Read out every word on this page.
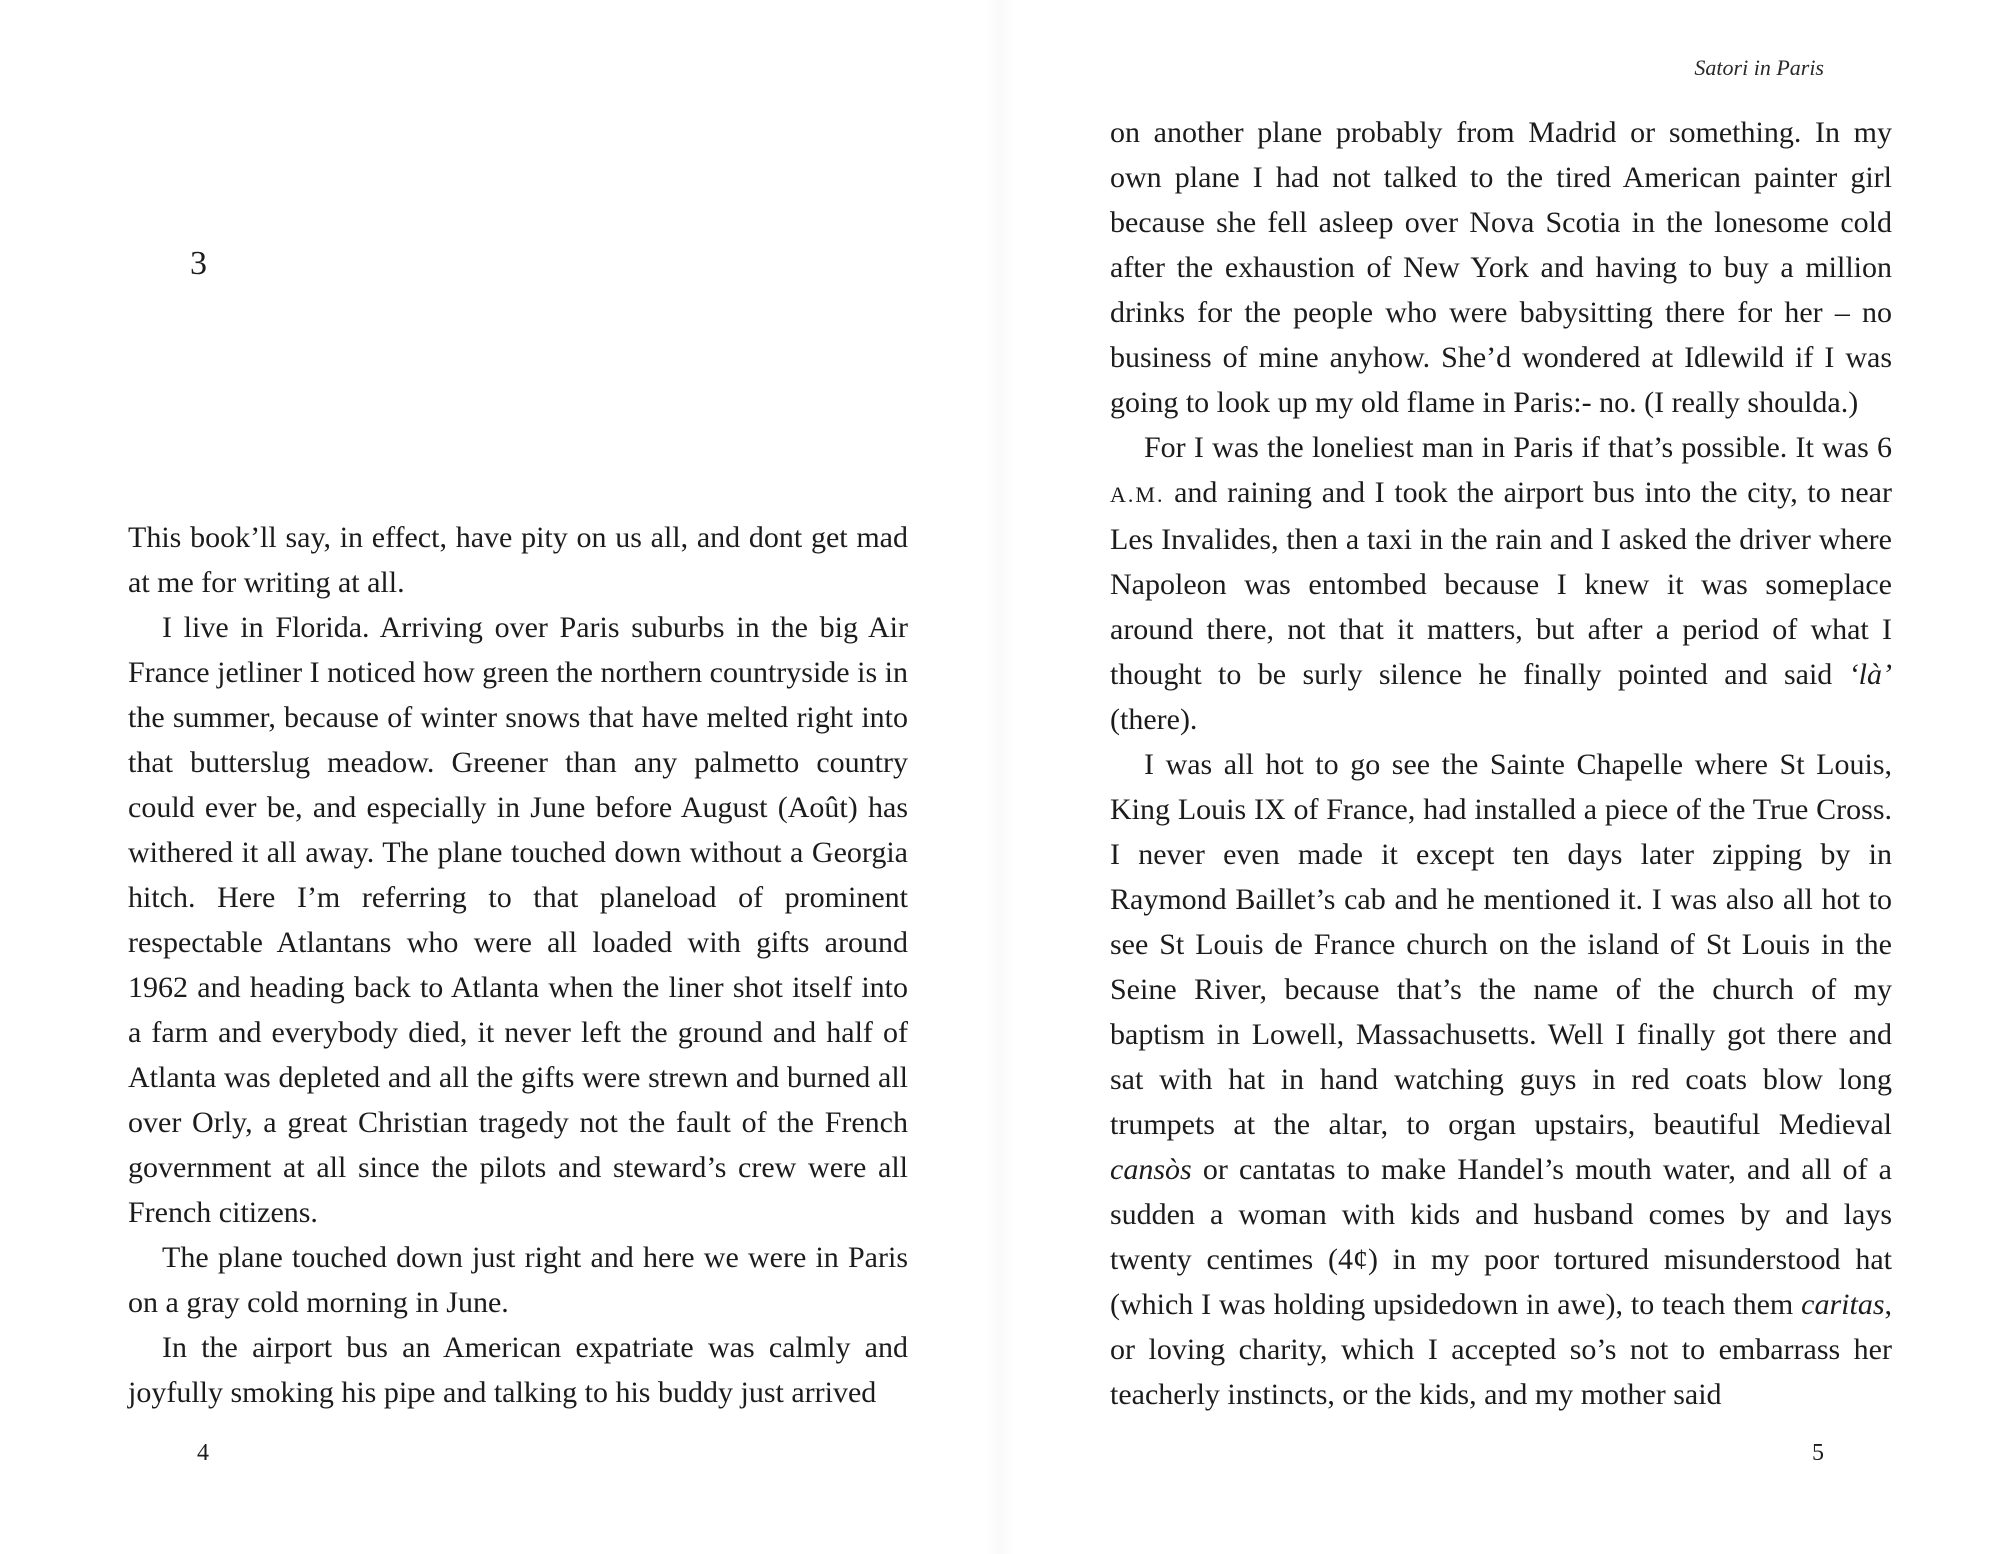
3

This book’ll say, in effect, have pity on us all, and dont get mad at me for writing at all.

I live in Florida. Arriving over Paris suburbs in the big Air France jetliner I noticed how green the northern countryside is in the summer, because of winter snows that have melted right into that butterslug meadow. Greener than any palmetto country could ever be, and especially in June before August (Août) has withered it all away. The plane touched down without a Georgia hitch. Here I’m referring to that planeload of prominent respectable Atlantans who were all loaded with gifts around 1962 and heading back to Atlanta when the liner shot itself into a farm and everybody died, it never left the ground and half of Atlanta was depleted and all the gifts were strewn and burned all over Orly, a great Christian tragedy not the fault of the French government at all since the pilots and steward’s crew were all French citizens.

The plane touched down just right and here we were in Paris on a gray cold morning in June.

In the airport bus an American expatriate was calmly and joyfully smoking his pipe and talking to his buddy just arrived

4

Satori in Paris

on another plane probably from Madrid or something. In my own plane I had not talked to the tired American painter girl because she fell asleep over Nova Scotia in the lonesome cold after the exhaustion of New York and having to buy a million drinks for the people who were babysitting there for her – no business of mine anyhow. She’d wondered at Idlewild if I was going to look up my old flame in Paris:- no. (I really shoulda.)

For I was the loneliest man in Paris if that’s possible. It was 6 A.M. and raining and I took the airport bus into the city, to near Les Invalides, then a taxi in the rain and I asked the driver where Napoleon was entombed because I knew it was someplace around there, not that it matters, but after a period of what I thought to be surly silence he finally pointed and said ‘là’ (there).

I was all hot to go see the Sainte Chapelle where St Louis, King Louis IX of France, had installed a piece of the True Cross. I never even made it except ten days later zipping by in Raymond Baillet’s cab and he mentioned it. I was also all hot to see St Louis de France church on the island of St Louis in the Seine River, because that’s the name of the church of my baptism in Lowell, Massachusetts. Well I finally got there and sat with hat in hand watching guys in red coats blow long trumpets at the altar, to organ upstairs, beautiful Medieval cansòs or cantatas to make Handel’s mouth water, and all of a sudden a woman with kids and husband comes by and lays twenty centimes (4¢) in my poor tortured misunderstood hat (which I was holding upsidedown in awe), to teach them caritas, or loving charity, which I accepted so’s not to embarrass her teacherly instincts, or the kids, and my mother said

5
